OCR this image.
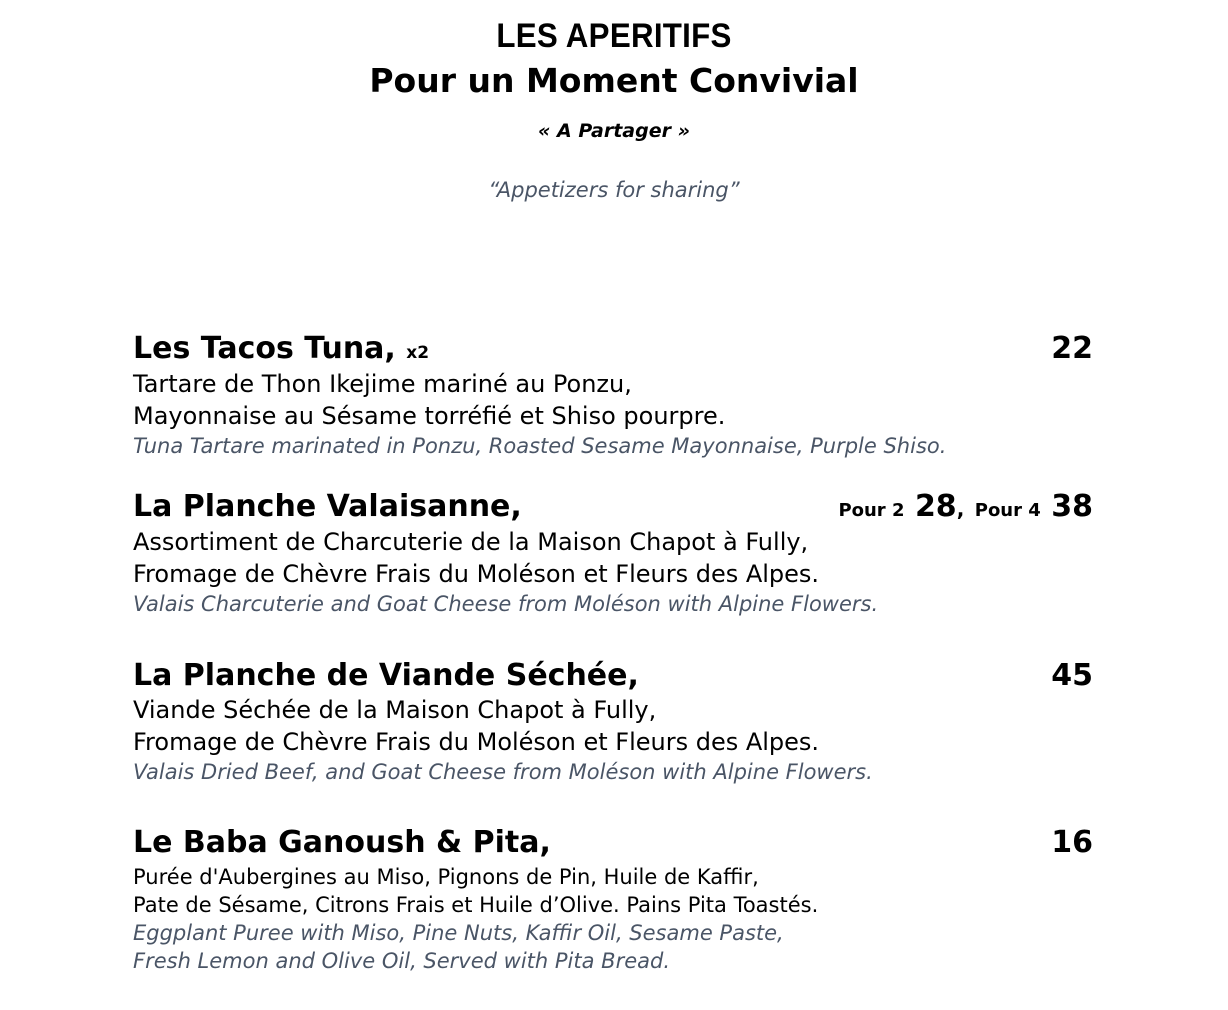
LES APERITIFS
Pour un Moment Convivial
« A Partager »
“Appetizers for sharing”
Les Tacos Tuna, x2	22
Tartare de Thon Ikejime mariné au Ponzu,
Mayonnaise au Sésame torréfié et Shiso pourpre.
Tuna Tartare marinated in Ponzu, Roasted Sesame Mayonnaise, Purple Shiso.
La Planche Valaisanne,	Pour 2 28, Pour 4 38
Assortiment de Charcuterie de la Maison Chapot à Fully,
Fromage de Chèvre Frais du Moléson et Fleurs des Alpes.
Valais Charcuterie and Goat Cheese from Moléson with Alpine Flowers.
La Planche de Viande Séchée,	45
Viande Séchée de la Maison Chapot à Fully,
Fromage de Chèvre Frais du Moléson et Fleurs des Alpes.
Valais Dried Beef, and Goat Cheese from Moléson with Alpine Flowers.
Le Baba Ganoush & Pita,	16
Purée d'Aubergines au Miso, Pignons de Pin, Huile de Kaffir,
Pate de Sésame, Citrons Frais et Huile d’Olive. Pains Pita Toastés.
Eggplant Puree with Miso, Pine Nuts, Kaffir Oil, Sesame Paste,
Fresh Lemon and Olive Oil, Served with Pita Bread.
